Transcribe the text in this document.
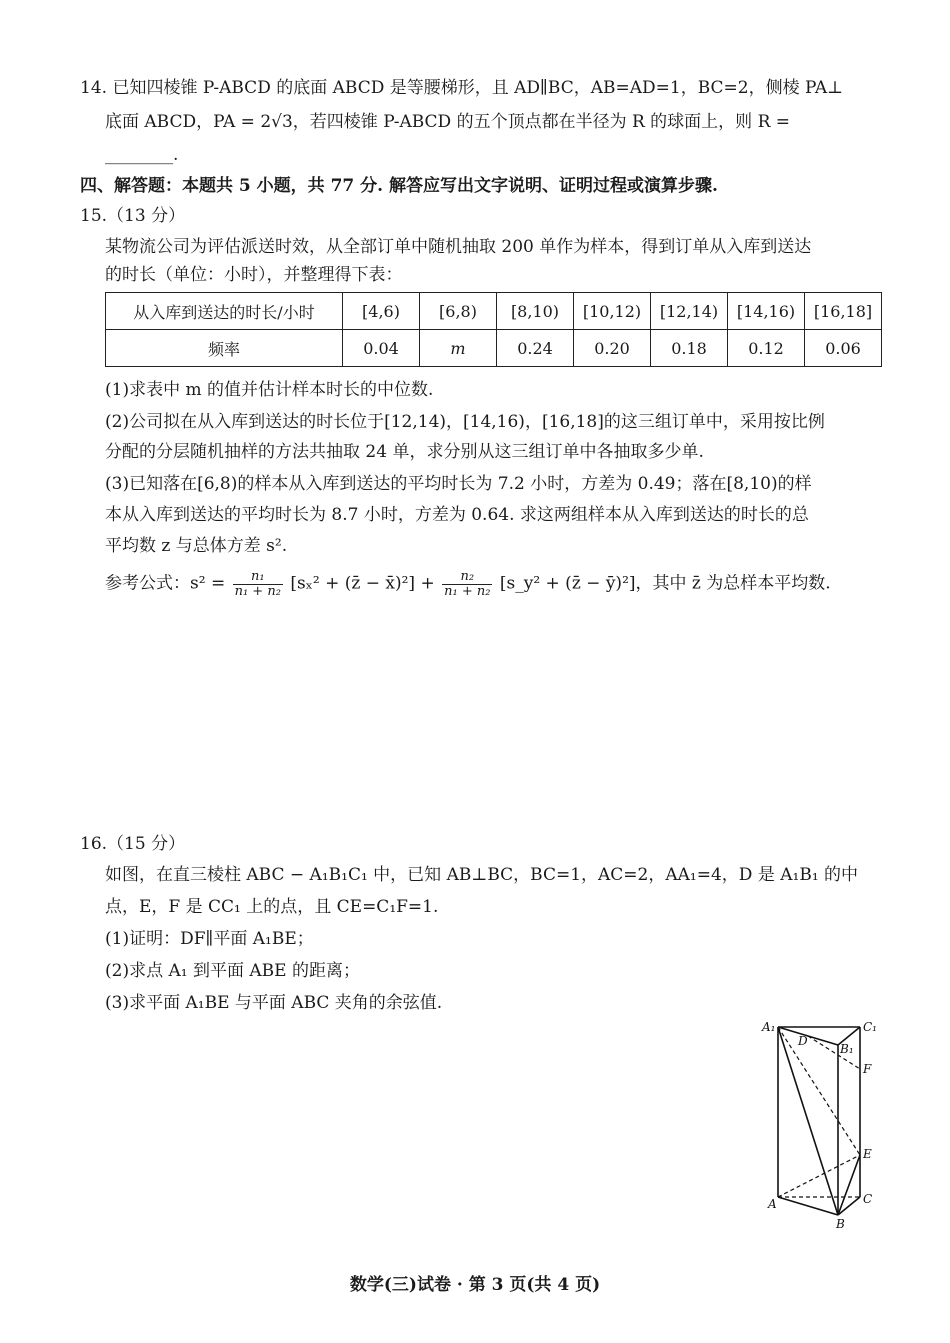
14. 已知四棱锥 P-ABCD 的底面 ABCD 是等腰梯形，且 AD∥BC，AB=AD=1，BC=2，侧棱 PA⊥
底面 ABCD，PA = 2√3，若四棱锥 P-ABCD 的五个顶点都在半径为 R 的球面上，则 R =
________.
四、解答题：本题共 5 小题，共 77 分. 解答应写出文字说明、证明过程或演算步骤.
15.（13 分）
某物流公司为评估派送时效，从全部订单中随机抽取 200 单作为样本，得到订单从入库到送达
的时长（单位：小时），并整理得下表：
从入库到送达的时长/小时	[4,6)	[6,8)	[8,10)	[10,12)	[12,14)	[14,16)	[16,18]
频率	0.04	m	0.24	0.20	0.18	0.12	0.06
(1)求表中 m 的值并估计样本时长的中位数.
(2)公司拟在从入库到送达的时长位于[12,14)，[14,16)，[16,18]的这三组订单中，采用按比例
分配的分层随机抽样的方法共抽取 24 单，求分别从这三组订单中各抽取多少单.
(3)已知落在[6,8)的样本从入库到送达的平均时长为 7.2 小时，方差为 0.49；落在[8,10)的样
本从入库到送达的平均时长为 8.7 小时，方差为 0.64. 求这两组样本从入库到送达的时长的总
平均数 z 与总体方差 s².
参考公式：$s^2 = \frac{\text{n₁}}{\text{n₁ + n₂}} [s_x^2$ + (z̄ − x̄)²] + $\frac{\text{n₂}}{\text{n₁ + n₂}}$ [s_y² + (z̄ − ȳ)²]，其中 z̄ 为总样本平均数.
16.（15 分）
如图，在直三棱柱 ABC − A₁B₁C₁ 中，已知 AB⊥BC，BC=1，AC=2，AA₁=4，D 是 A₁B₁ 的中
点，E，F 是 CC₁ 上的点，且 CE=C₁F=1.
(1)证明：DF∥平面 A₁BE；
(2)求点 A₁ 到平面 ABE 的距离；
(3)求平面 A₁BE 与平面 ABC 夹角的余弦值.
A₁	C₁
D
B₁
F
E
A	C
B
数学(三)试卷 · 第 3 页(共 4 页)
